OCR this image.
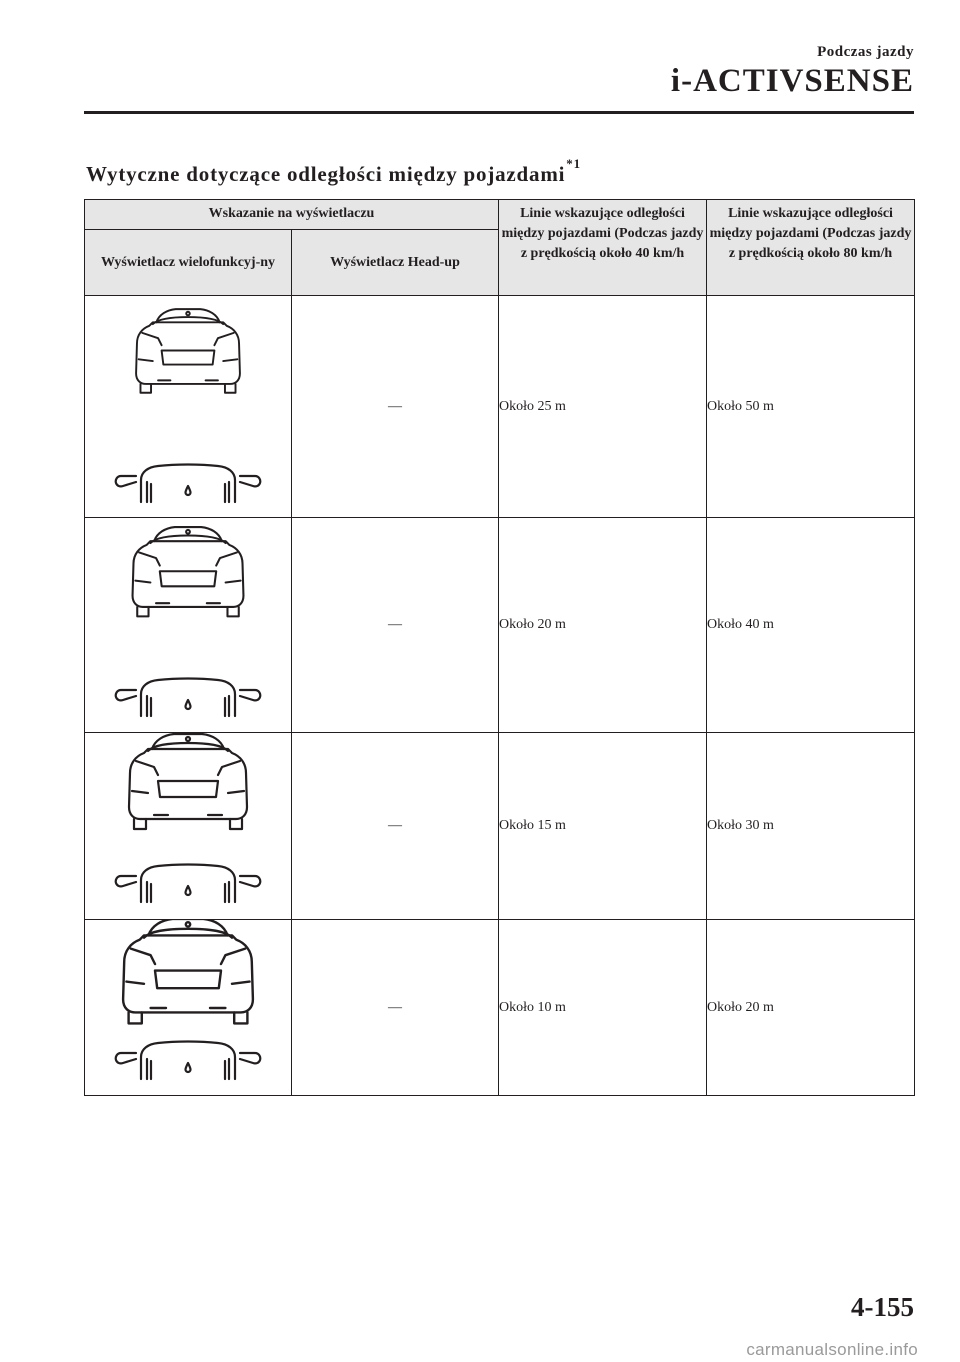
Podczas jazdy
i-ACTIVSENSE
Wytyczne dotyczące odległości między pojazdami$^{*1}$
Wskazanie na wyświetlaczu		Linie wskazujące odległości między pojazdami (Podczas jazdy z prędkością około 40 km/h	Linie wskazujące odległości między pojazdami (Podczas jazdy z prędkością około 80 km/h
Wyświetlacz wielofunkcyj-ny	Wyświetlacz Head-up		

	—	Około 25 m	Około 50 m

	—	Około 20 m	Około 40 m

	—	Około 15 m	Około 30 m

	—	Około 10 m	Około 20 m
4-155
carmanualsonline.info
